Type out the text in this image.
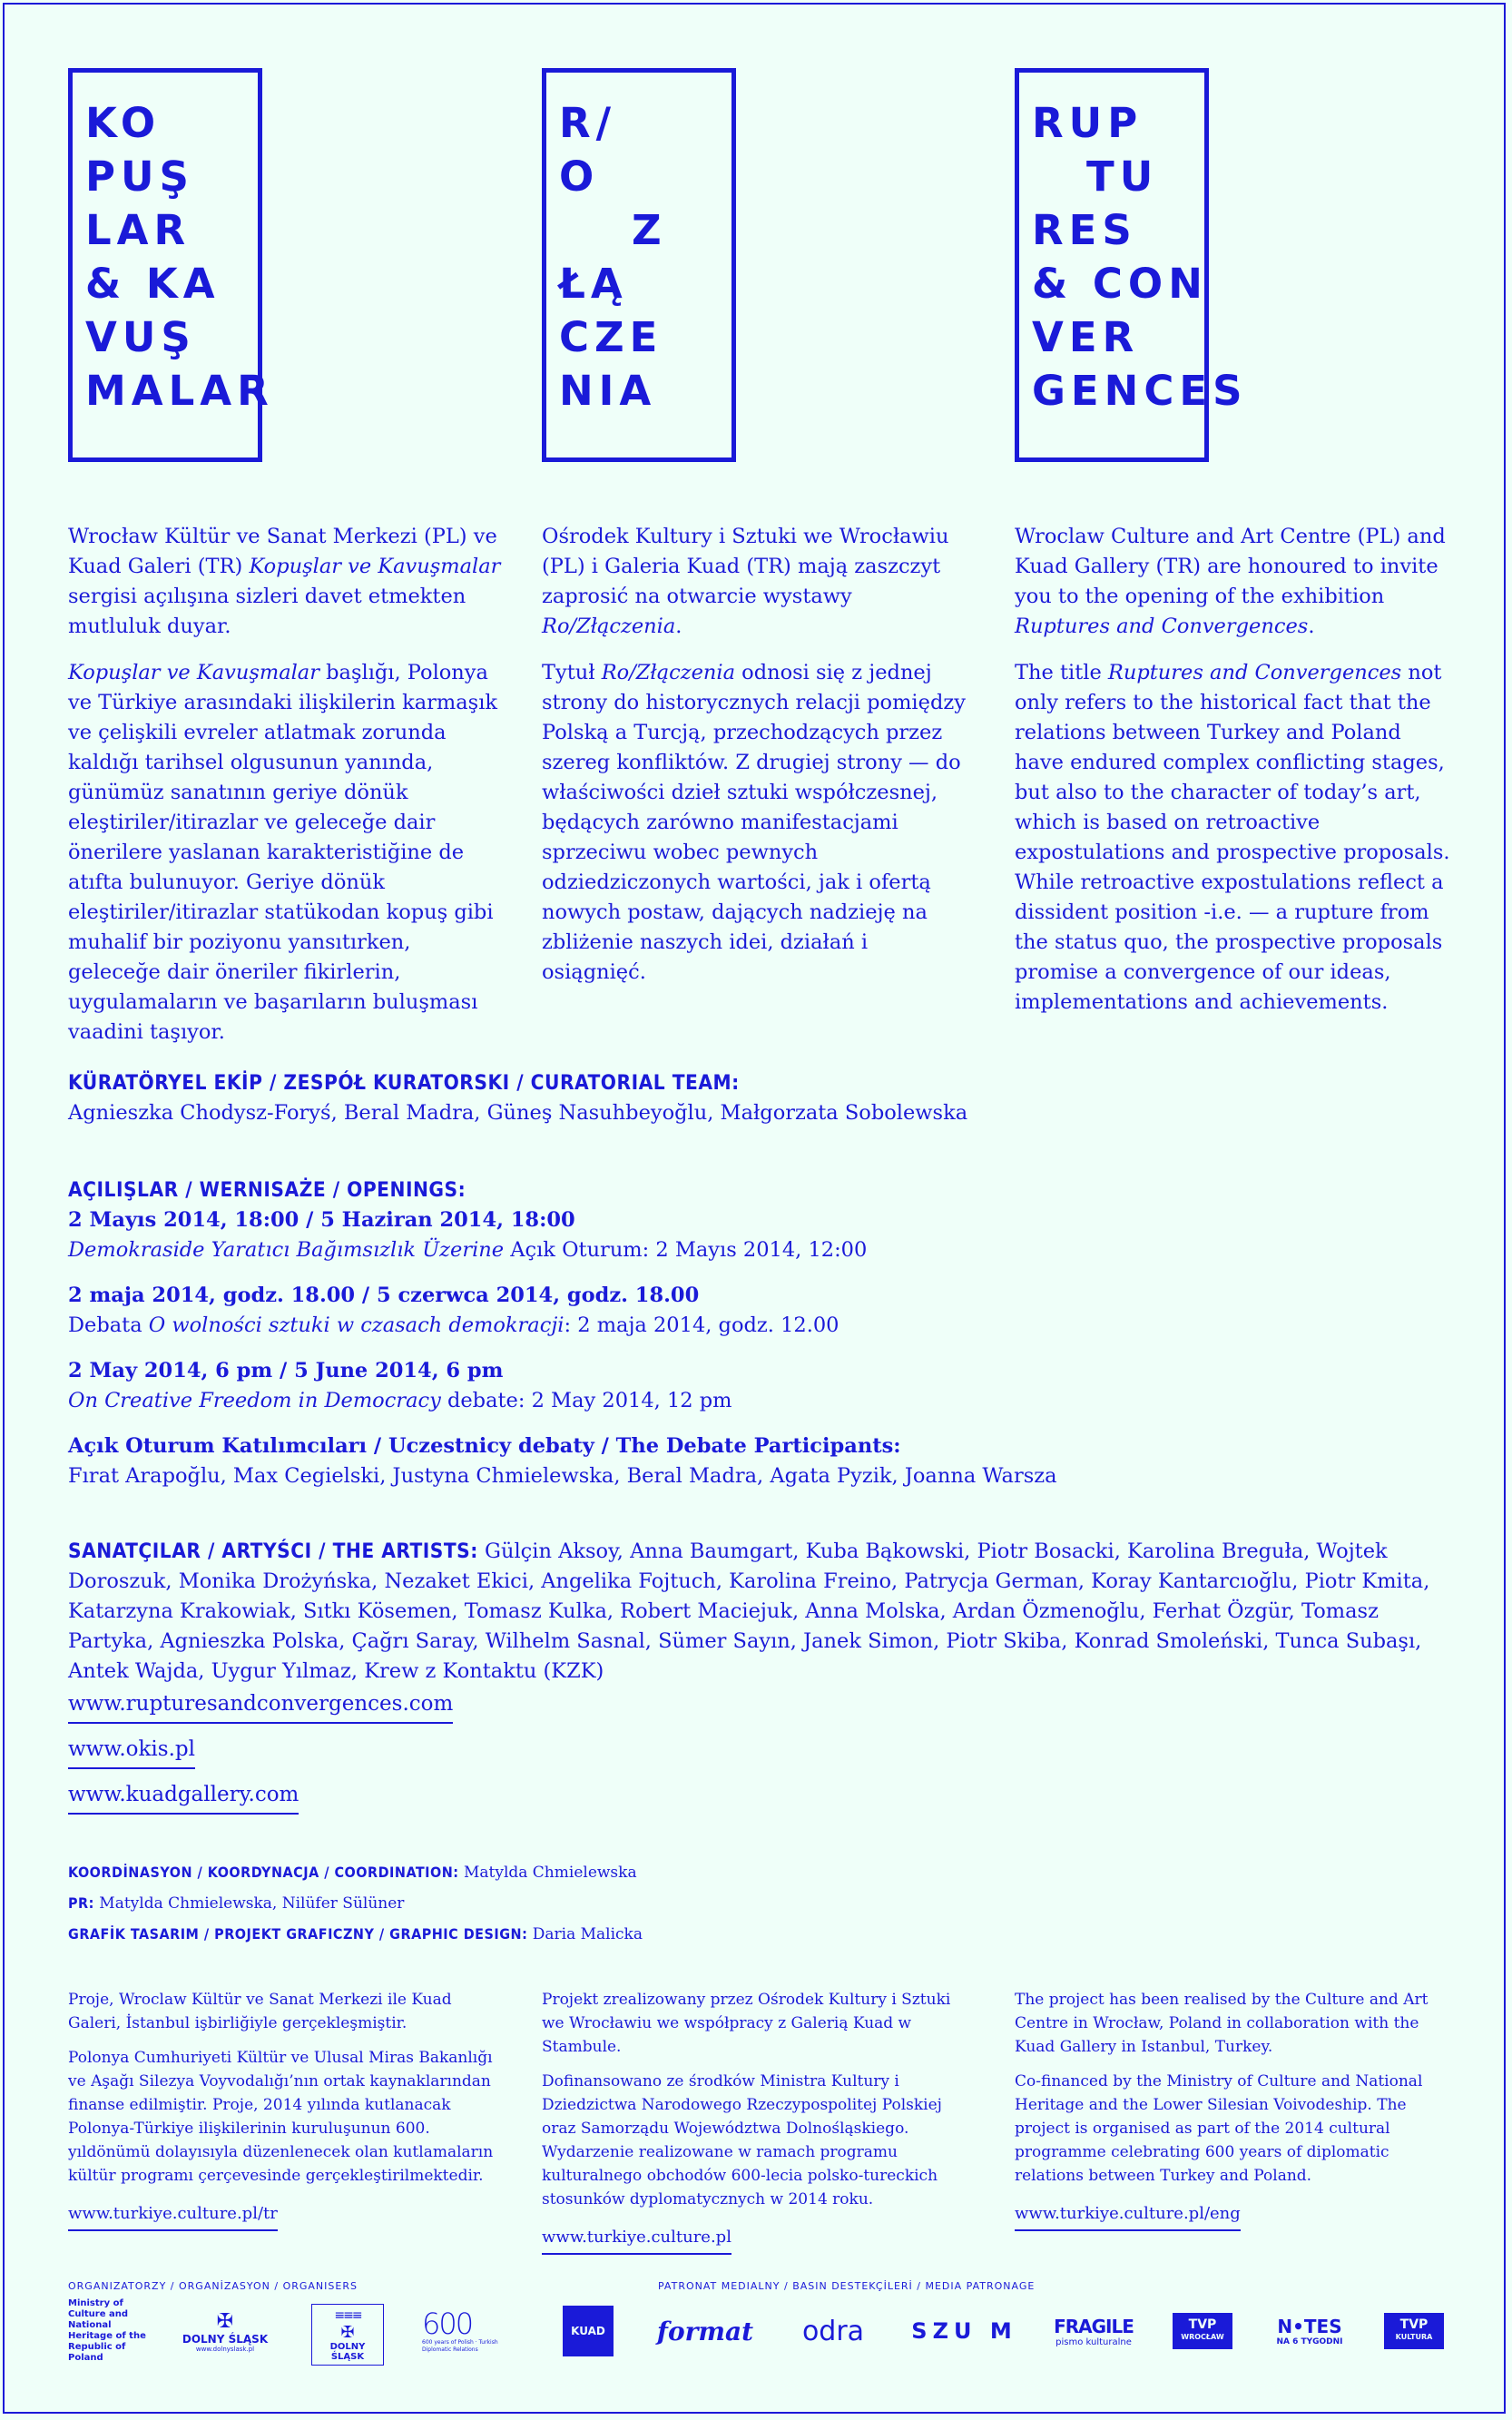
KO
PUŞ
LAR
& KA
VUŞ
MALAR
R/
O
Z
ŁĄ
CZE
NIA
RUP
TU
RES
& CON
VER
GENCES

Wrocław Kültür ve Sanat Merkezi (PL) ve Kuad Galeri (TR) Kopuşlar ve Kavuşmalar sergisi açılışına sizleri davet etmekten mutluluk duyar.

Kopuşlar ve Kavuşmalar başlığı, Polonya ve Türkiye arasındaki ilişkilerin karmaşık ve çelişkili evreler atlatmak zorunda kaldığı tarihsel olgusunun yanında, günümüz sanatının geriye dönük eleştiriler/itirazlar ve geleceğe dair önerilere yaslanan karakteristiğine de atıfta bulunuyor. Geriye dönük eleştiriler/itirazlar statükodan kopuş gibi muhalif bir poziyonu yansıtırken, geleceğe dair öneriler fikirlerin, uygulamaların ve başarıların buluşması vaadini taşıyor.

Ośrodek Kultury i Sztuki we Wrocławiu (PL) i Galeria Kuad (TR) mają zaszczyt zaprosić na otwarcie wystawy Ro/Złączenia.

Tytuł Ro/Złączenia odnosi się z jednej strony do historycznych relacji pomiędzy Polską a Turcją, przechodzących przez szereg konfliktów. Z drugiej strony — do właściwości dzieł sztuki współczesnej, będących zarówno manifestacjami sprzeciwu wobec pewnych odziedziczonych wartości, jak i ofertą nowych postaw, dających nadzieję na zbliżenie naszych idei, działań i osiągnięć.

Wroclaw Culture and Art Centre (PL) and Kuad Gallery (TR) are honoured to invite you to the opening of the exhibition Ruptures and Convergences.

The title Ruptures and Convergences not only refers to the historical fact that the relations between Turkey and Poland have endured complex conflicting stages, but also to the character of today’s art, which is based on retroactive expostulations and prospective proposals. While retroactive expostulations reflect a dissident position -i.e. — a rupture from the status quo, the prospective proposals promise a convergence of our ideas, implementations and achievements.

KÜRATÖRYEL EKİP / ZESPÓŁ KURATORSKI / CURATORIAL TEAM:

Agnieszka Chodysz-Foryś, Beral Madra, Güneş Nasuhbeyoğlu, Małgorzata Sobolewska

AÇILIŞLAR / WERNISAŻE / OPENINGS:

2 Mayıs 2014, 18:00 / 5 Haziran 2014, 18:00

Demokraside Yaratıcı Bağımsızlık Üzerine Açık Oturum: 2 Mayıs 2014, 12:00

2 maja 2014, godz. 18.00 / 5 czerwca 2014, godz. 18.00

Debata O wolności sztuki w czasach demokracji: 2 maja 2014, godz. 12.00

2 May 2014, 6 pm / 5 June 2014, 6 pm

On Creative Freedom in Democracy debate: 2 May 2014, 12 pm

Açık Oturum Katılımcıları / Uczestnicy debaty / The Debate Participants:

Fırat Arapoğlu, Max Cegielski, Justyna Chmielewska, Beral Madra, Agata Pyzik, Joanna Warsza

SANATÇILAR / ARTYŚCI / THE ARTISTS: Gülçin Aksoy, Anna Baumgart, Kuba Bąkowski, Piotr Bosacki, Karolina Breguła, Wojtek Doroszuk, Monika Drożyńska, Nezaket Ekici, Angelika Fojtuch, Karolina Freino, Patrycja German, Koray Kantarcıoğlu, Piotr Kmita, Katarzyna Krakowiak, Sıtkı Kösemen, Tomasz Kulka, Robert Maciejuk, Anna Molska, Ardan Özmenoğlu, Ferhat Özgür, Tomasz Partyka, Agnieszka Polska, Çağrı Saray, Wilhelm Sasnal, Sümer Sayın, Janek Simon, Piotr Skiba, Konrad Smoleński, Tunca Subaşı, Antek Wajda, Uygur Yılmaz, Krew z Kontaktu (KZK)

www.rupturesandconvergences.com
www.okis.pl
www.kuadgallery.com
KOORDİNASYON / KOORDYNACJA / COORDINATION: Matylda Chmielewska
PR: Matylda Chmielewska, Nilüfer Sülüner
GRAFİK TASARIM / PROJEKT GRAFICZNY / GRAPHIC DESIGN: Daria Malicka

Proje, Wroclaw Kültür ve Sanat Merkezi ile Kuad Galeri, İstanbul işbirliğiyle gerçekleşmiştir.

Polonya Cumhuriyeti Kültür ve Ulusal Miras Bakanlığı ve Aşağı Silezya Voyvodalığı’nın ortak kaynaklarından finanse edilmiştir. Proje, 2014 yılında kutlanacak Polonya-Türkiye ilişkilerinin kuruluşunun 600. yıldönümü dolayısıyla düzenlenecek olan kutlamaların kültür programı çerçevesinde gerçekleştirilmektedir.

www.turkiye.culture.pl/tr

Projekt zrealizowany przez Ośrodek Kultury i Sztuki we Wrocławiu we współpracy z Galerią Kuad w Stambule.

Dofinansowano ze środków Ministra Kultury i Dziedzictwa Narodowego Rzeczypospolitej Polskiej oraz Samorządu Województwa Dolnośląskiego. Wydarzenie realizowane w ramach programu kulturalnego obchodów 600-lecia polsko-tureckich stosunków dyplomatycznych w 2014 roku.

www.turkiye.culture.pl

The project has been realised by the Culture and Art Centre in Wrocław, Poland in collaboration with the Kuad Gallery in Istanbul, Turkey.

Co-financed by the Ministry of Culture and National Heritage and the Lower Silesian Voivodeship. The project is organised as part of the 2014 cultural programme celebrating 600 years of diplomatic relations between Turkey and Poland.

www.turkiye.culture.pl/eng
ORGANIZATORZY / ORGANİZASYON / ORGANISERS	PATRONAT MEDIALNY / BASIN DESTEKÇİLERİ / MEDIA PATRONAGE
Ministry of Culture and National Heritage of the Republic of Poland
✠
DOLNY ŚLĄSK
www.dolnyslask.pl
≡≡≡
✠
DOLNY ŚLĄSK
600
600 years of Polish · Turkish Diplomatic Relations
KUAD format odra SZU M FRAGILE
pismo kulturalne
TVP
WROCŁAW	N•TES
NA 6 TYGODNI
TVP
KULTURA
